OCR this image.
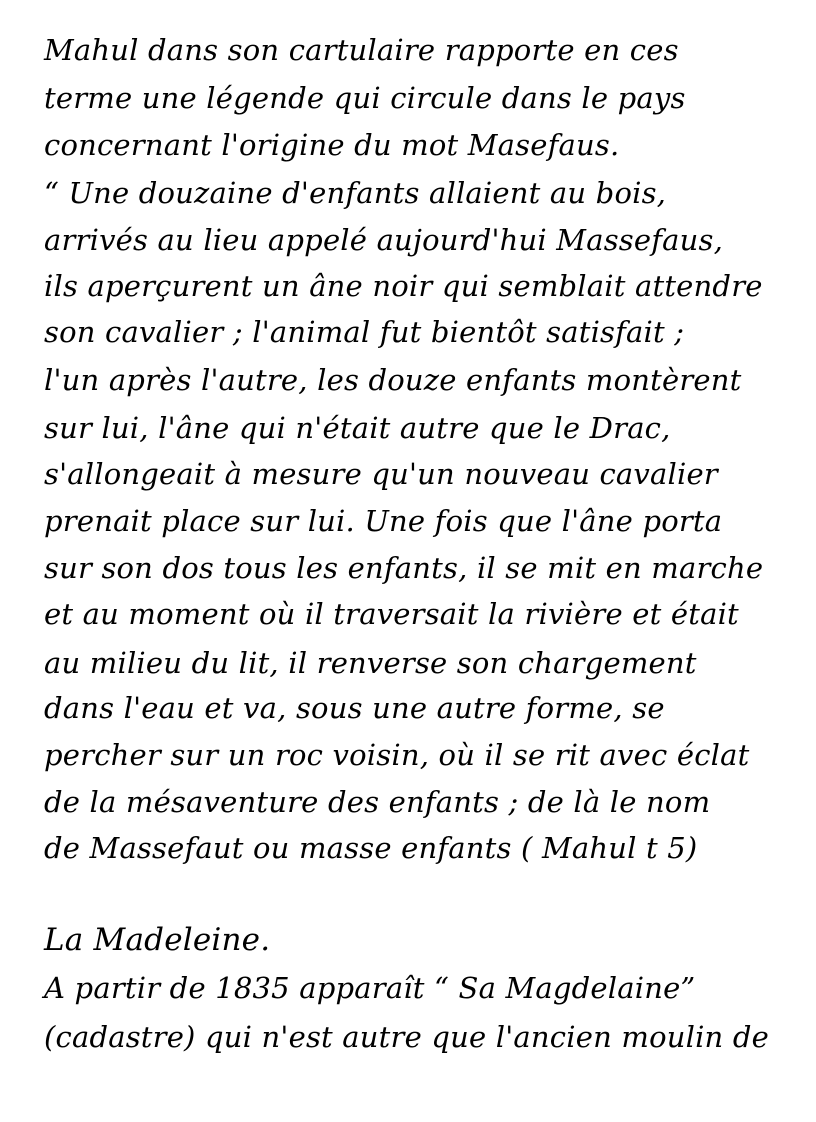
Mahul dans son cartulaire rapporte en ces
terme une légende qui circule dans le pays
concernant l'origine du mot Masefaus.
“ Une douzaine d'enfants allaient au bois,
arrivés au lieu appelé aujourd'hui Massefaus,
ils aperçurent un âne noir qui semblait attendre
son cavalier ; l'animal fut bientôt satisfait ;
l'un après l'autre, les douze enfants montèrent
sur lui, l'âne qui n'était autre que le Drac,
s'allongeait à mesure qu'un nouveau cavalier
prenait place sur lui. Une fois que l'âne porta
sur son dos tous les enfants, il se mit en marche
et au moment où il traversait la rivière et était
au milieu du lit, il renverse son chargement
dans l'eau et va, sous une autre forme, se
percher sur un roc voisin, où il se rit avec éclat
de la mésaventure des enfants ; de là le nom
de Massefaut ou masse enfants ( Mahul t 5)
La Madeleine.
A partir de 1835 apparaît “ Sa Magdelaine”
(cadastre) qui n'est autre que l'ancien moulin de
